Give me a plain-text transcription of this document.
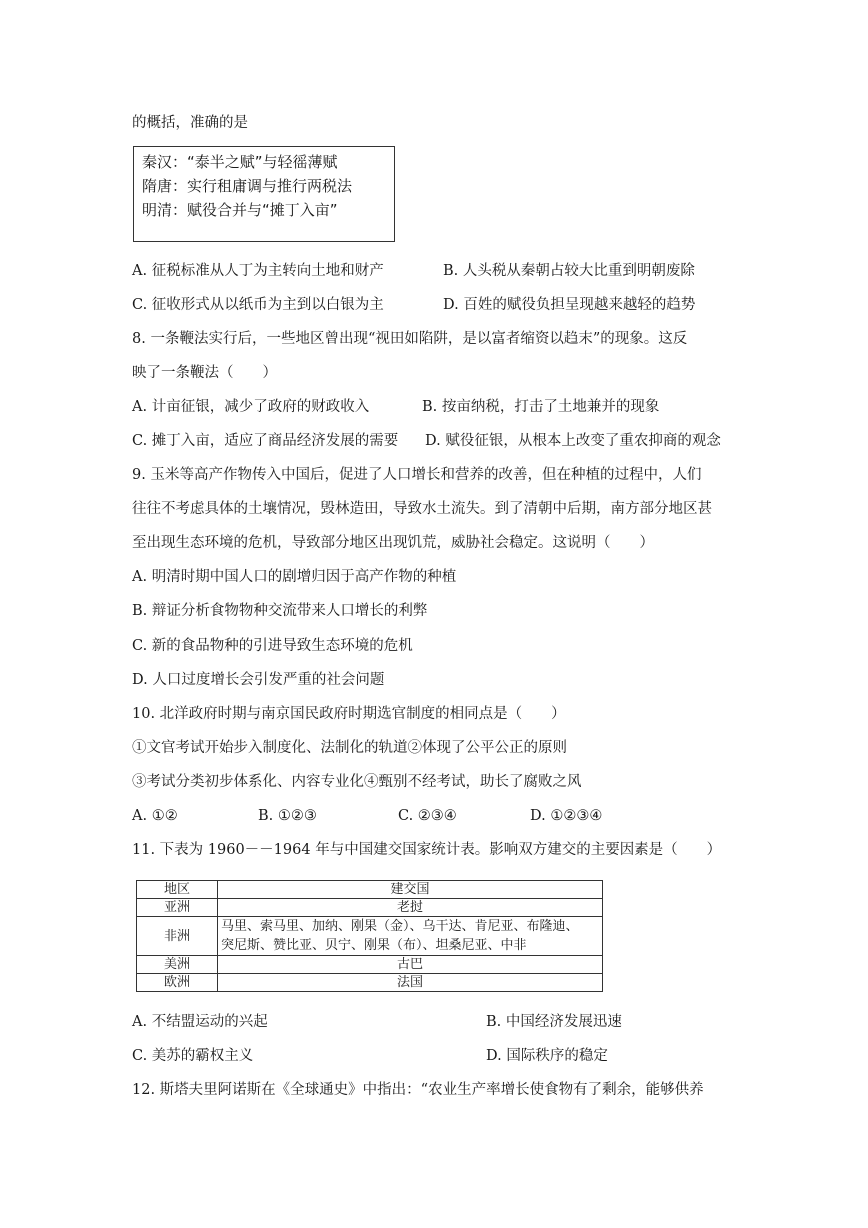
的概括，准确的是
秦汉：“泰半之赋”与轻徭薄赋
隋唐：实行租庸调与推行两税法
明清：赋役合并与“摊丁入亩”
A. 征税标准从人丁为主转向土地和财产	B. 人头税从秦朝占较大比重到明朝废除
C. 征收形式从以纸币为主到以白银为主	D. 百姓的赋役负担呈现越来越轻的趋势
8. 一条鞭法实行后，一些地区曾出现“视田如陷阱，是以富者缩资以趋末”的现象。这反
映了一条鞭法（　　）
A. 计亩征银，减少了政府的财政收入	B. 按亩纳税，打击了土地兼并的现象
C. 摊丁入亩，适应了商品经济发展的需要 D. 赋役征银，从根本上改变了重农抑商的观念
9. 玉米等高产作物传入中国后，促进了人口增长和营养的改善，但在种植的过程中，人们
往往不考虑具体的土壤情况，毁林造田，导致水土流失。到了清朝中后期，南方部分地区甚
至出现生态环境的危机，导致部分地区出现饥荒，威胁社会稳定。这说明（　　）
A. 明清时期中国人口的剧增归因于高产作物的种植
B. 辩证分析食物物种交流带来人口增长的利弊
C. 新的食品物种的引进导致生态环境的危机
D. 人口过度增长会引发严重的社会问题
10. 北洋政府时期与南京国民政府时期选官制度的相同点是（　　）
①文官考试开始步入制度化、法制化的轨道②体现了公平公正的原则
③考试分类初步体系化、内容专业化④甄别不经考试，助长了腐败之风
A. ①②	B. ①②③	C. ②③④	D. ①②③④
11. 下表为 1960－－1964 年与中国建交国家统计表。影响双方建交的主要因素是（　　）
地区	建交国
亚洲	老挝
非洲	马里、索马里、加纳、刚果（金）、乌干达、肯尼亚、布隆迪、
突尼斯、赞比亚、贝宁、刚果（布）、坦桑尼亚、中非

美洲	古巴
欧洲	法国
A. 不结盟运动的兴起	B. 中国经济发展迅速
C. 美苏的霸权主义	D. 国际秩序的稳定
12. 斯塔夫里阿诺斯在《全球通史》中指出：“农业生产率增长使食物有了剩余，能够供养
